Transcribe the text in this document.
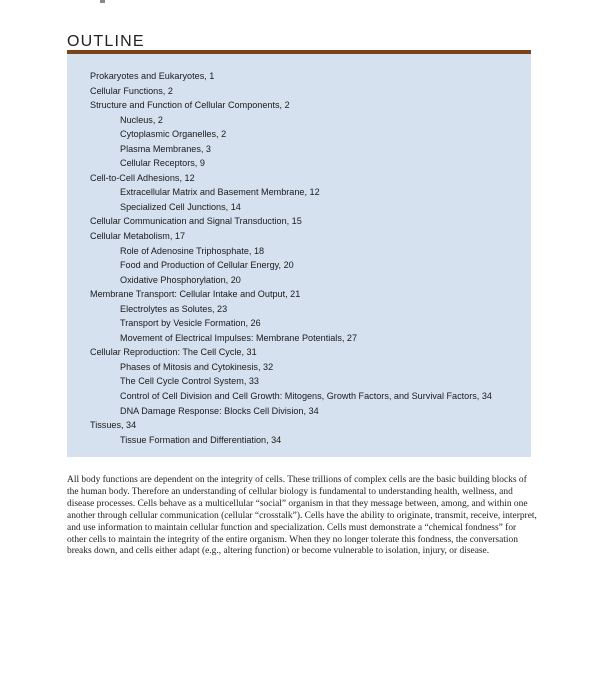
OUTLINE
Prokaryotes and Eukaryotes, 1
Cellular Functions, 2
Structure and Function of Cellular Components, 2
Nucleus, 2
Cytoplasmic Organelles, 2
Plasma Membranes, 3
Cellular Receptors, 9
Cell-to-Cell Adhesions, 12
Extracellular Matrix and Basement Membrane, 12
Specialized Cell Junctions, 14
Cellular Communication and Signal Transduction, 15
Cellular Metabolism, 17
Role of Adenosine Triphosphate, 18
Food and Production of Cellular Energy, 20
Oxidative Phosphorylation, 20
Membrane Transport: Cellular Intake and Output, 21
Electrolytes as Solutes, 23
Transport by Vesicle Formation, 26
Movement of Electrical Impulses: Membrane Potentials, 27
Cellular Reproduction: The Cell Cycle, 31
Phases of Mitosis and Cytokinesis, 32
The Cell Cycle Control System, 33
Control of Cell Division and Cell Growth: Mitogens, Growth Factors, and Survival Factors, 34
DNA Damage Response: Blocks Cell Division, 34
Tissues, 34
Tissue Formation and Differentiation, 34

All body functions are dependent on the integrity of cells. These trillions of complex cells are the basic building blocks of the human body. Therefore an understanding of cellular biology is fundamental to understanding health, wellness, and disease processes. Cells behave as a multicellular “social” organism in that they message between, among, and within one another through cellular communication (cellular “crosstalk”). Cells have the ability to originate, transmit, receive, interpret, and use information to maintain cellular function and specialization. Cells must demonstrate a “chemical fondness” for other cells to maintain the integrity of the entire organism. When they no longer tolerate this fondness, the conversation breaks down, and cells either adapt (e.g., altering function) or become vulnerable to isolation, injury, or disease.
